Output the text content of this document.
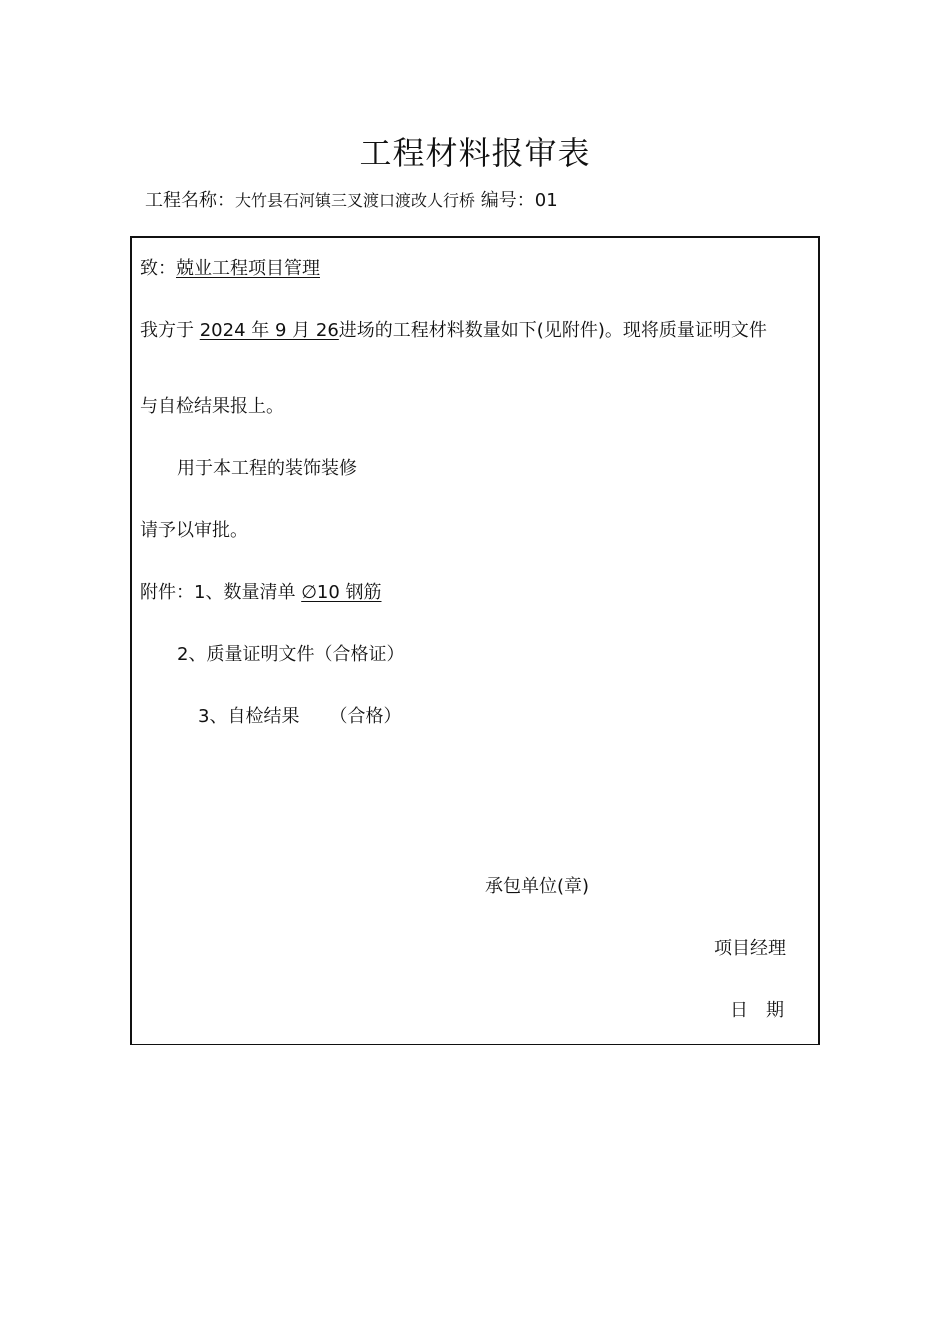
工程材料报审表
工程名称：大竹县石河镇三叉渡口渡改人行桥 编号：01
致：兢业工程项目管理
我方于 2024 年 9 月 26进场的工程材料数量如下(见附件)。现将质量证明文件
与自检结果报上。
用于本工程的装饰装修
请予以审批。
附件：1、数量清单 ∅10 钢筋
2、质量证明文件（合格证）
3、自检结果 （合格）
承包单位(章)
项目经理
日　期
